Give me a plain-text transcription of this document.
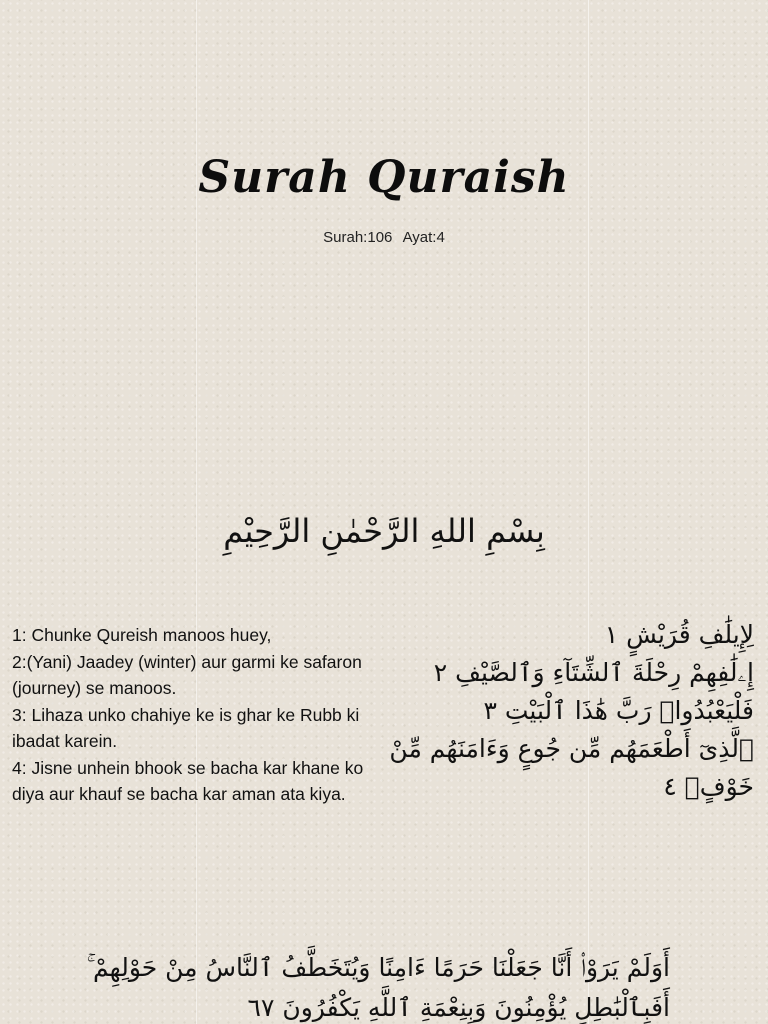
Surah Quraish
Surah:106 Ayat:4
بِسْمِ اللهِ الرَّحْمٰنِ الرَّحِيْمِ
1: Chunke Qureish manoos huey,
2:(Yani) Jaadey (winter) aur garmi ke safaron (journey) se manoos.
3: Lihaza unko chahiye ke is ghar ke Rubb ki ibadat karein.
4: Jisne unhein bhook se bacha kar khane ko diya aur khauf se bacha kar aman ata kiya.
لِإِيلَٰفِ قُرَيْشٍ ١
إِۦلَٰفِهِمْ رِحْلَةَ ٱلشِّتَآءِ وَٱلصَّيْفِ ٢
فَلْيَعْبُدُوا۟ رَبَّ هَٰذَا ٱلْبَيْتِ ٣
ٱلَّذِىٓ أَطْعَمَهُم مِّن جُوعٍ وَءَامَنَهُم مِّنْ خَوْفٍۭ ٤
أَوَلَمْ يَرَوْا۟ أَنَّا جَعَلْنَا حَرَمًا ءَامِنًا وَيُتَخَطَّفُ ٱلنَّاسُ مِنْ حَوْلِهِمْ ۚ أَفَبِٱلْبَٰطِلِ يُؤْمِنُونَ وَبِنِعْمَةِ ٱللَّهِ يَكْفُرُونَ ٦٧
